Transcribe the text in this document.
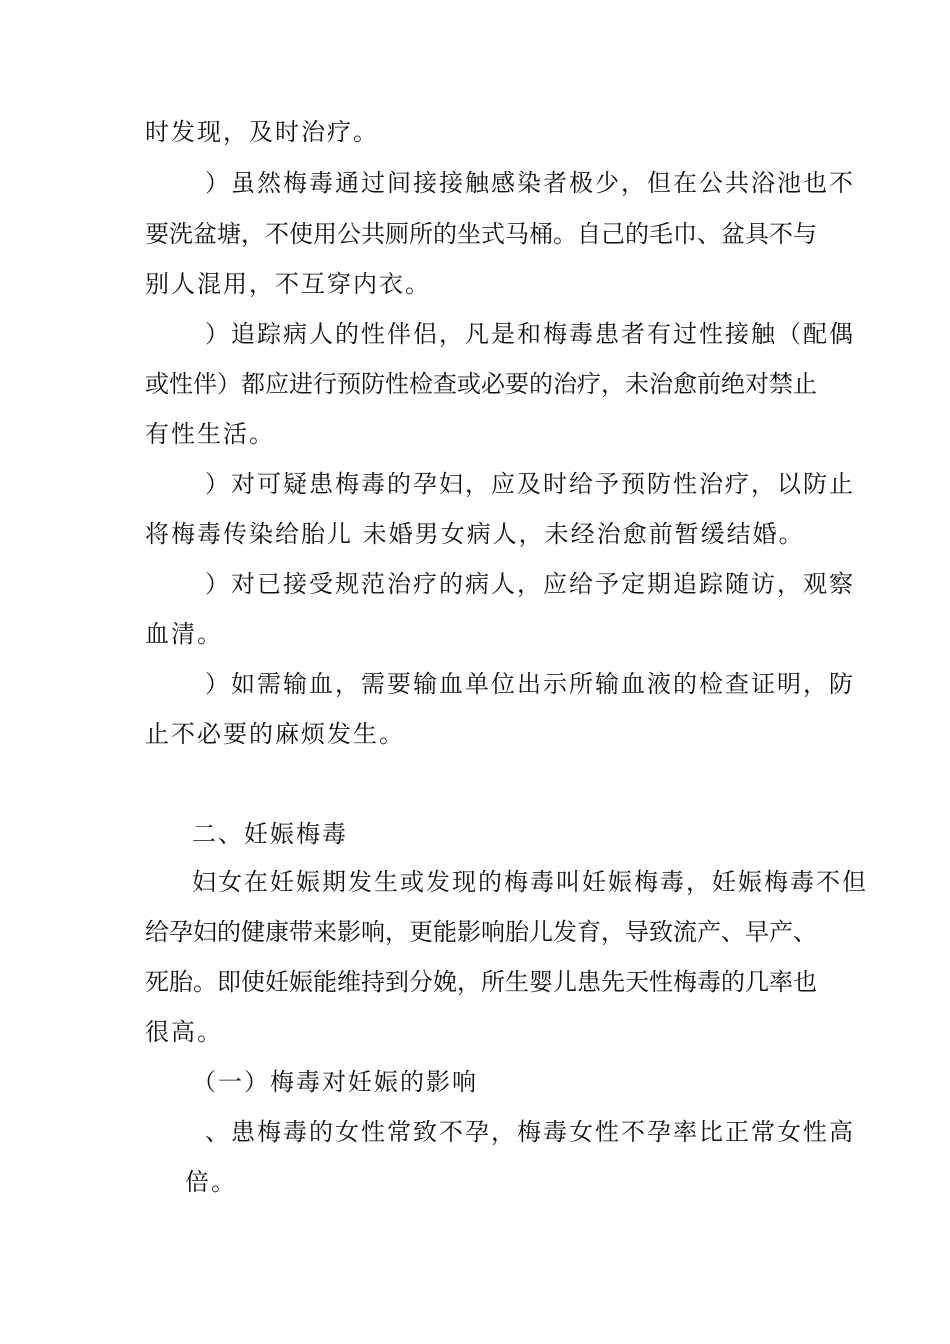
时发现，及时治疗。
）虽然梅毒通过间接接触感染者极少，但在公共浴池也不
要 洗 盆 塘 ， 不 使 用 公 共 厕 所 的 坐 式 马 桶 。 自 己 的 毛 巾 、 盆 具 不 与
别人混用，不互穿内衣。
）追踪病人的性伴侣，凡是和梅毒患者有过性接触（配偶
或 性 伴 ） 都 应 进 行 预 防 性 检 查 或 必 要 的 治 疗 ， 未 治 愈 前 绝 对 禁 止
有性生活。
）对可疑患梅毒的孕妇，应及时给予预防性治疗，以防止
将梅毒传染给胎儿 未婚男女病人，未经治愈前暂缓结婚。
）对已接受规范治疗的病人，应给予定期追踪随访，观察
血清。
）如需输血，需要输血单位出示所输血液的检查证明，防
止不必要的麻烦发生。
二、妊娠梅毒
妇女在妊娠期发生或发现的梅毒叫妊娠梅毒，妊娠梅毒不但
给 孕 妇 的 健 康 带 来 影 响 ， 更 能 影 响 胎 儿 发 育 ， 导 致 流 产 、 早 产 、
死 胎 。 即 使 妊 娠 能 维 持 到 分 娩 ， 所 生 婴 儿 患 先 天 性 梅 毒 的 几 率 也
很高。
（一）梅毒对妊娠的影响
、患梅毒的女性常致不孕，梅毒女性不孕率比正常女性高
倍。
